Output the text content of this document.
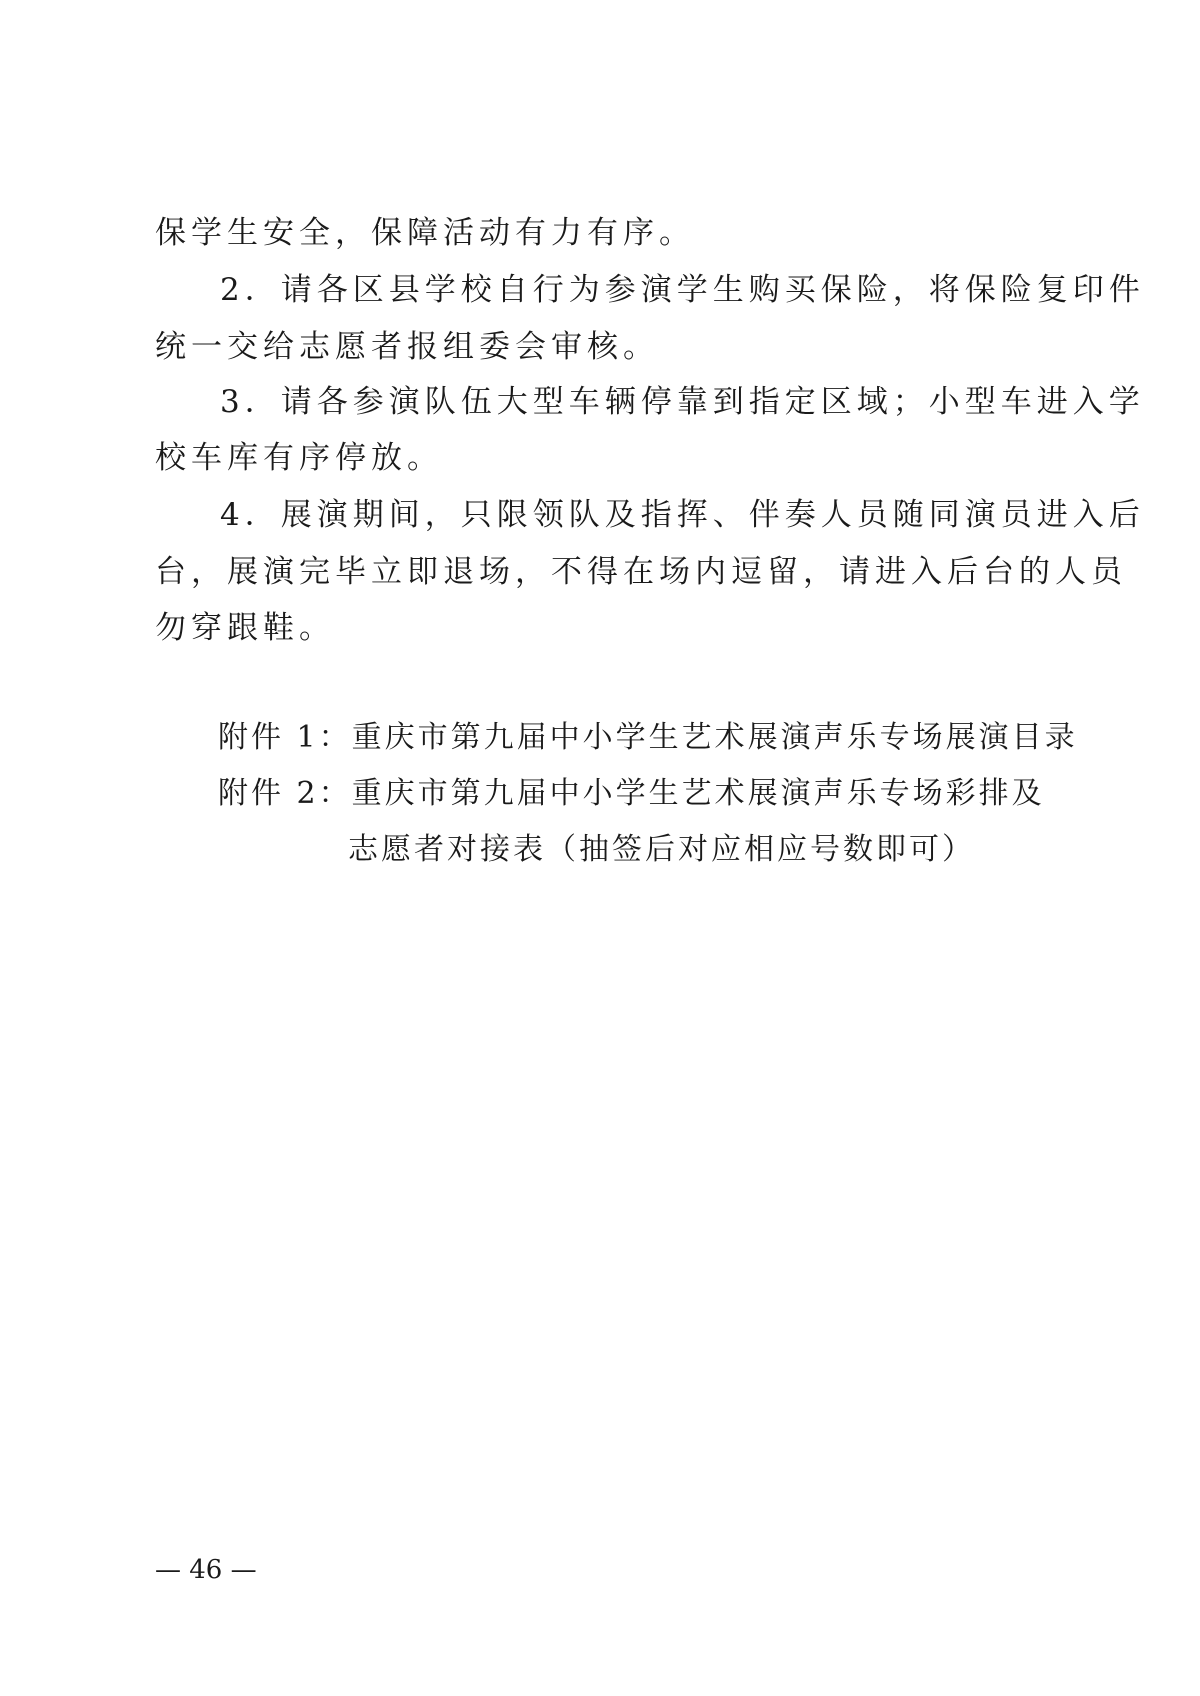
保学生安全，保障活动有力有序。
2．请各区县学校自行为参演学生购买保险，将保险复印件
统一交给志愿者报组委会审核。
3．请各参演队伍大型车辆停靠到指定区域；小型车进入学
校车库有序停放。
4．展演期间，只限领队及指挥、伴奏人员随同演员进入后
台，展演完毕立即退场，不得在场内逗留，请进入后台的人员
勿穿跟鞋。
附件 1：重庆市第九届中小学生艺术展演声乐专场展演目录
附件 2：重庆市第九届中小学生艺术展演声乐专场彩排及
志愿者对接表（抽签后对应相应号数即可）
— 46 —
